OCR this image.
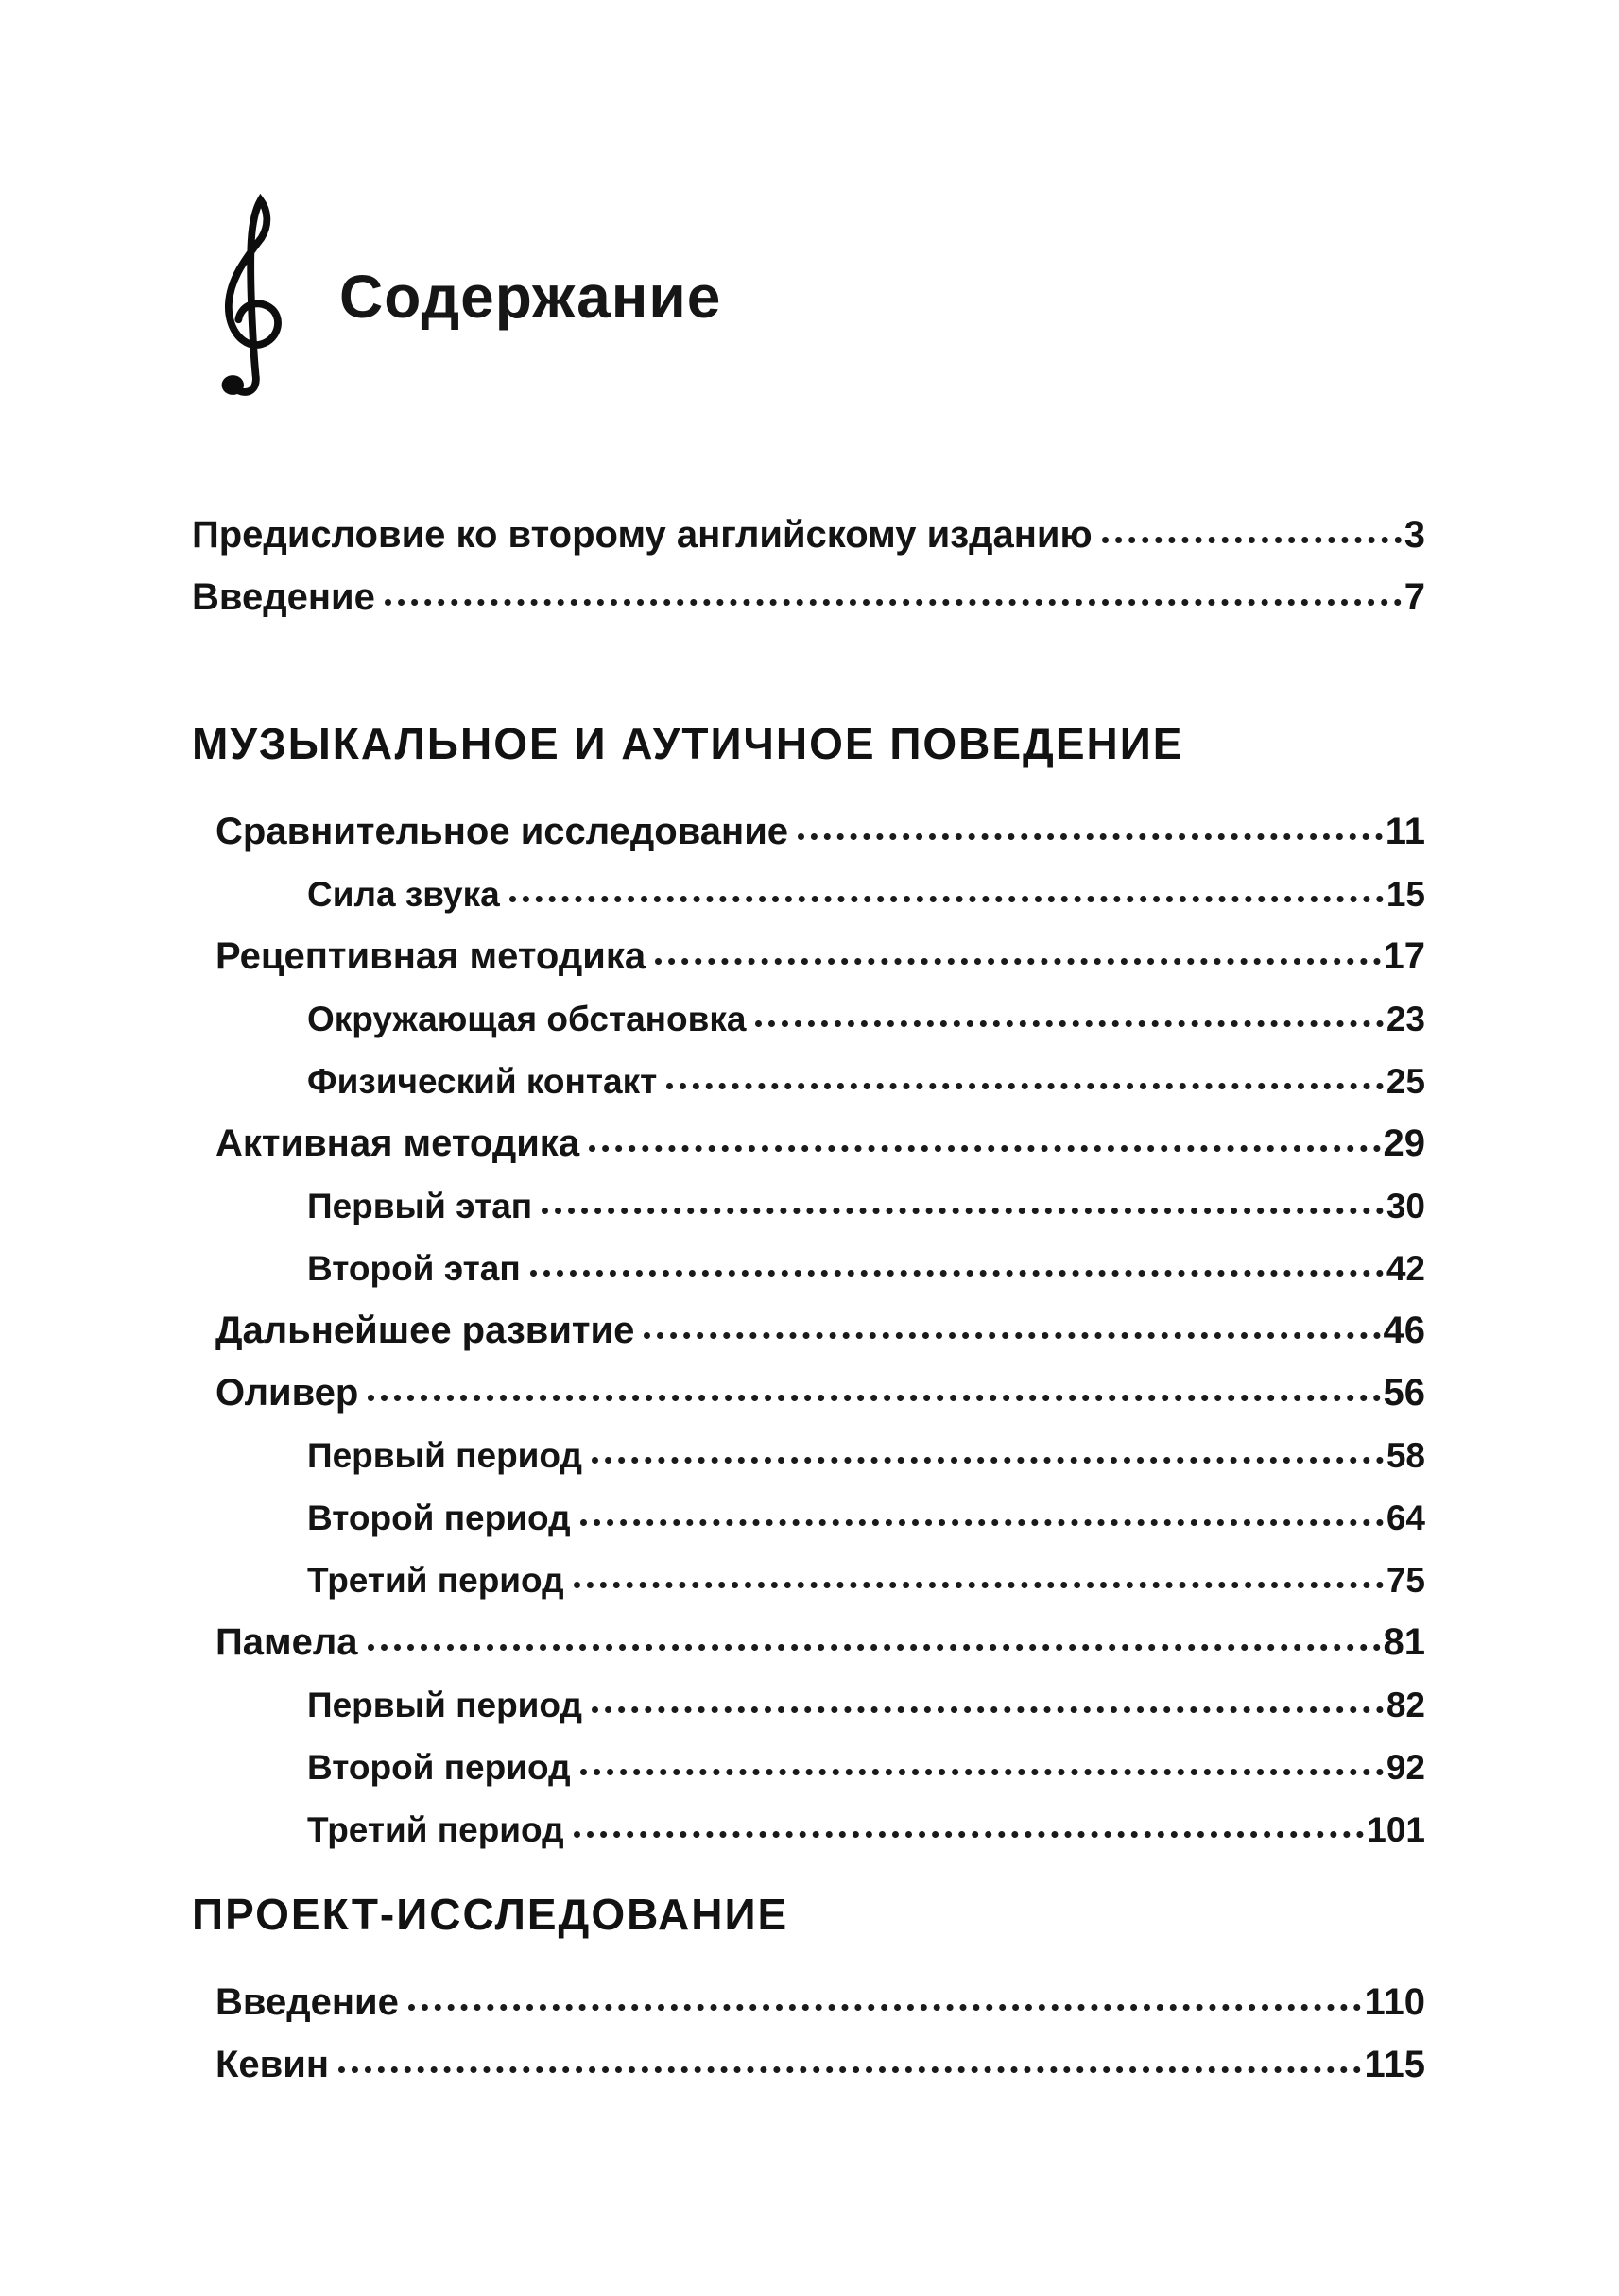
Содержание
Предисловие ко второму английскому изданию	3
Введение	7
МУЗЫКАЛЬНОЕ И АУТИЧНОЕ ПОВЕДЕНИЕ
Сравнительное исследование	11
Сила звука	15
Рецептивная методика	17
Окружающая обстановка	23
Физический контакт	25
Активная методика	29
Первый этап	30
Второй этап	42
Дальнейшее развитие	46
Оливер	56
Первый период	58
Второй период	64
Третий период	75
Памела	81
Первый период	82
Второй период	92
Третий период	101
ПРОЕКТ-ИССЛЕДОВАНИЕ
Введение	110
Кевин	115
